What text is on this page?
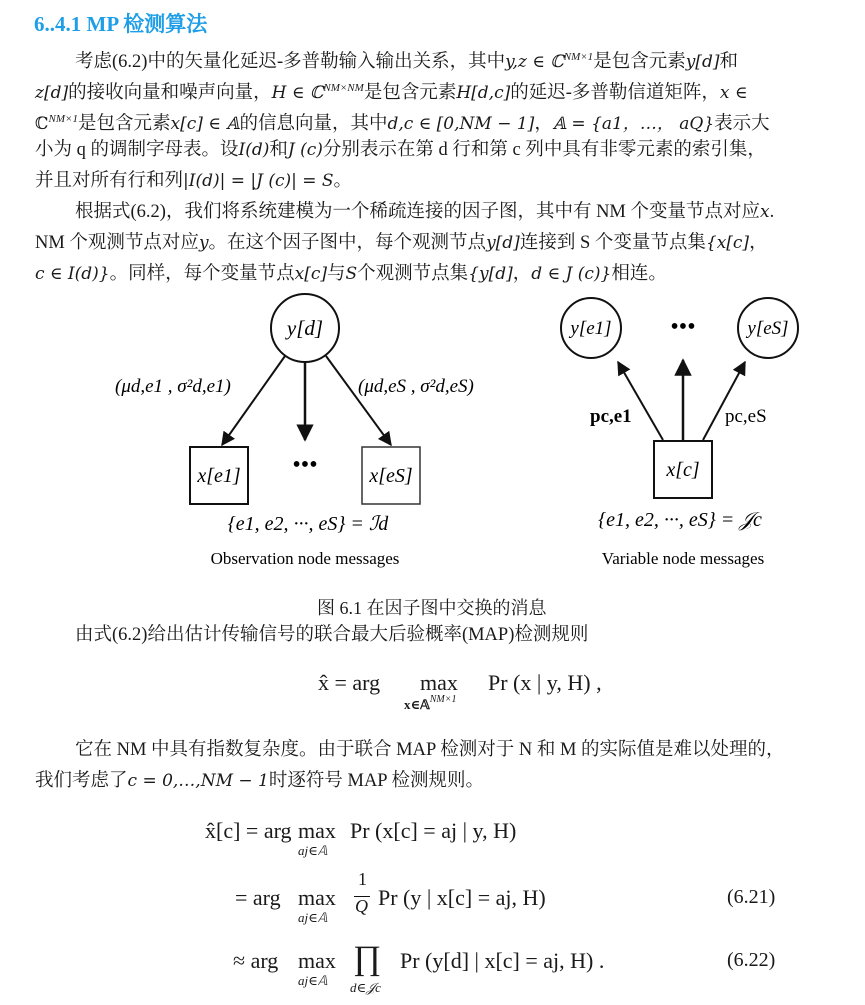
6..4.1 MP 检测算法
考虑(6.2)中的矢量化延迟-多普勒输入输出关系，其中y,z ∈ ℂ$^{NM\times 1}$是包含元素y[d]和
z[d]的接收向量和噪声向量，H ∈ ℂ$^{NM\times NM}$是包含元素H[d,c]的延迟-多普勒信道矩阵，x ∈
ℂ$^{NM\times 1}$是包含元素x[c] ∈ 𝔸的信息向量，其中d,c ∈ [0,NM − 1]，𝔸 = {a1，…， aQ}表示大
小为 q 的调制字母表。设I(d)和J (c)分别表示在第 d 行和第 c 列中具有非零元素的索引集，
并且对所有行和列|I(d)| = |J (c)| = S。
根据式(6.2)，我们将系统建模为一个稀疏连接的因子图，其中有 NM 个变量节点对应x.
NM 个观测节点对应y。在这个因子图中，每个观测节点y[d]连接到 S 个变量节点集{x[c]，
c ∈ I(d)}。同样，每个变量节点x[c]与S个观测节点集{y[d]，d ∈ J (c)}相连。
y[d]
(μd,e1 , σ²d,e1)	(μd,eS , σ²d,eS)
x[e1] •••	x[eS]
{e1, e2, ···, eS} = ℐd
Observation node messages
y[e1] •••	y[eS]
pc,e1	pc,eS
x[c]
{e1, e2, ···, eS} = 𝒥c
Variable node messages
图 6.1 在因子图中交换的消息
由式(6.2)给出估计传输信号的联合最大后验概率(MAP)检测规则
x̂ = arg max
x∈𝔸$^{NM\times 1}$
Pr (x | y, H) ,
它在 NM 中具有指数复杂度。由于联合 MAP 检测对于 N 和 M 的实际值是难以处理的，
我们考虑了c = 0,…,NM − 1时逐符号 MAP 检测规则。
x̂[c] = arg max
aj∈𝔸
Pr (x[c] = aj | y, H)
= arg max
aj∈𝔸
1
Q Pr (y | x[c] = aj, H)	(6.21)
≈ arg max
aj∈𝔸
∏
d∈𝒥c
Pr (y[d] | x[c] = aj, H) .	(6.22)
